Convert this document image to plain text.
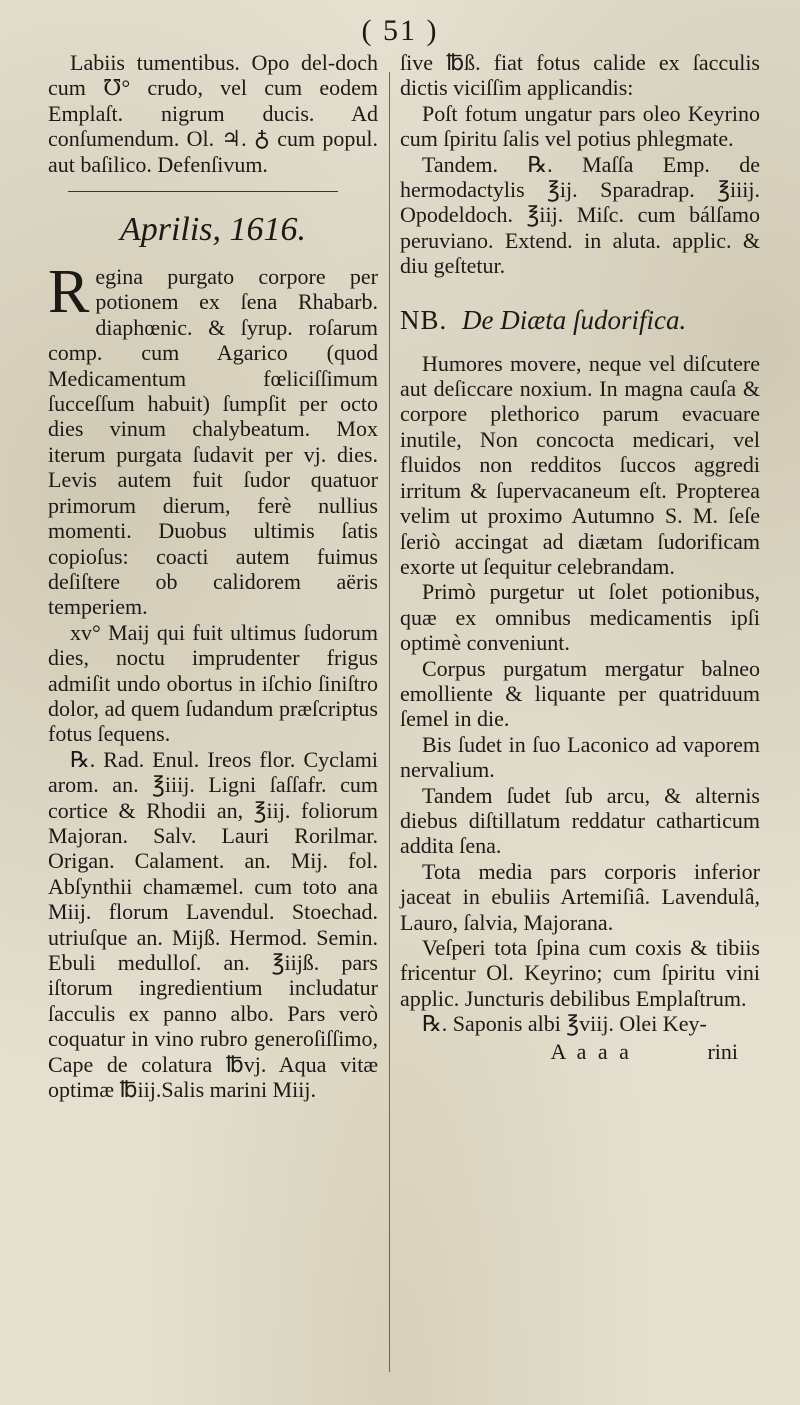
( 51 )

Labiis tumentibus. Opo del-doch cum ℧° crudo, vel cum eodem Emplaſt. nigrum ducis. Ad conſumendum. Ol. ♃. ♁ cum popul. aut baſilico. Defenſivum.

Aprilis, 1616.

R egina purgato corpore per potionem ex ſena Rhabarb. diaphœnic. & ſyrup. roſarum comp. cum Agarico (quod Medicamentum fœliciſſimum ſucceſſum habuit) ſumpſit per octo dies vinum chalybeatum. Mox iterum purgata ſudavit per vj. dies. Levis autem fuit ſudor quatuor primorum dierum, ferè nullius momenti. Duobus ultimis ſatis copioſus: coacti autem fuimus deſiſtere ob calidorem aëris temperiem.

xv° Maij qui fuit ultimus ſudorum dies, noctu imprudenter frigus admiſit undo obortus in iſchio ſiniſtro dolor, ad quem ſudandum præſcriptus fotus ſequens.

℞. Rad. Enul. Ireos flor. Cyclami arom. an. ℥iiij. Ligni ſaſſafr. cum cortice & Rhodii an, ℥iij. foliorum Majoran. Salv. Lauri Rorilmar. Origan. Calament. an. Mij. fol. Abſynthii chamæmel. cum toto ana Miij. florum Lavendul. Stoechad. utriuſque an. Mijß. Hermod. Semin. Ebuli medulloſ. an. ℥iijß. pars iſtorum ingredientium includatur ſacculis ex panno albo. Pars verò coquatur in vino rubro generoſiſſimo, Cape de colatura ℔vj. Aqua vitæ optimæ ℔iij.Salis marini Miij.

ſive ℔ß. fiat fotus calide ex ſacculis dictis viciſſim applicandis:

Poſt fotum ungatur pars oleo Keyrino cum ſpiritu ſalis vel potius phlegmate.

Tandem. ℞. Maſſa Emp. de hermodactylis ℥ij. Sparadrap. ℥iiij. Opodeldoch. ℥iij. Miſc. cum bálſamo peruviano. Extend. in aluta. applic. & diu geſtetur.

NB. De Diæta ſudorifica.

Humores movere, neque vel diſcutere aut deſiccare noxium. In magna cauſa & corpore plethorico parum evacuare inutile, Non concocta medicari, vel fluidos non redditos ſuccos aggredi irritum & ſupervacaneum eſt. Propterea velim ut proximo Autumno S. M. ſeſe ſeriò accingat ad diætam ſudorificam exorte ut ſequitur celebrandam.

Primò purgetur ut ſolet potionibus, quæ ex omnibus medicamentis ipſi optimè conveniunt.

Corpus purgatum mergatur balneo emolliente & liquante per quatriduum ſemel in die.

Bis ſudet in ſuo Laconico ad vaporem nervalium.

Tandem ſudet ſub arcu, & alternis diebus diſtillatum reddatur catharticum addita ſena.

Tota media pars corporis inferior jaceat in ebuliis Artemiſiâ. Lavendulâ, Lauro, ſalvia, Majorana.

Veſperi tota ſpina cum coxis & tibiis fricentur Ol. Keyrino; cum ſpiritu vini applic. Juncturis debilibus Emplaſtrum.

℞. Saponis albi ℥viij. Olei Key-

A a a a	rini
